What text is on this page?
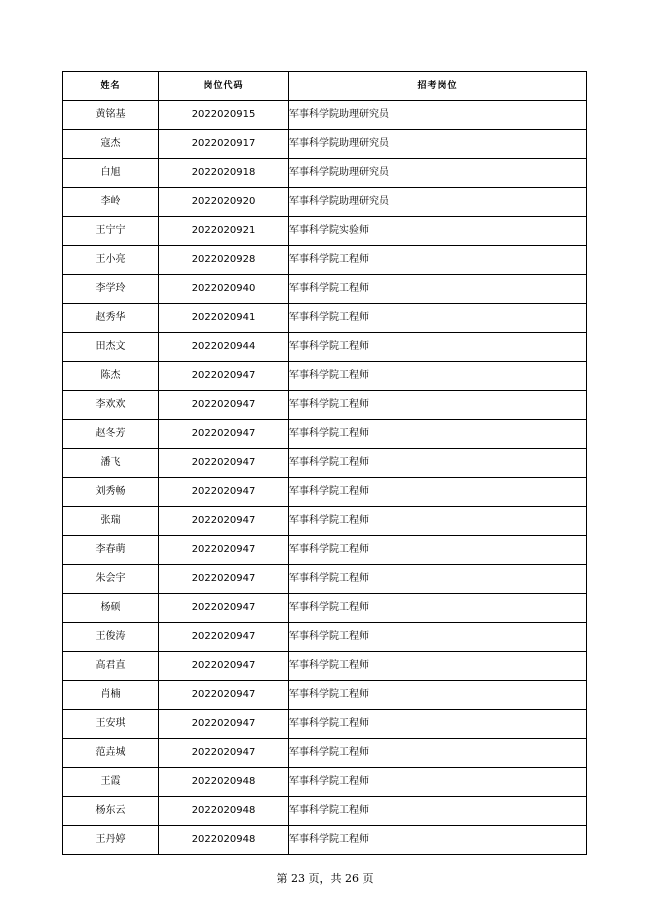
姓名	岗位代码	招考岗位
黄铭基	2022020915	军事科学院助理研究员
寇杰	2022020917	军事科学院助理研究员
白旭	2022020918	军事科学院助理研究员
李岭	2022020920	军事科学院助理研究员
王宁宁	2022020921	军事科学院实验师
王小亮	2022020928	军事科学院工程师
李学玲	2022020940	军事科学院工程师
赵秀华	2022020941	军事科学院工程师
田杰文	2022020944	军事科学院工程师
陈杰	2022020947	军事科学院工程师
李欢欢	2022020947	军事科学院工程师
赵冬芳	2022020947	军事科学院工程师
潘飞	2022020947	军事科学院工程师
刘秀畅	2022020947	军事科学院工程师
张瑞	2022020947	军事科学院工程师
李春萌	2022020947	军事科学院工程师
朱会宇	2022020947	军事科学院工程师
杨硕	2022020947	军事科学院工程师
王俊涛	2022020947	军事科学院工程师
高君直	2022020947	军事科学院工程师
肖楠	2022020947	军事科学院工程师
王安琪	2022020947	军事科学院工程师
范垚城	2022020947	军事科学院工程师
王霞	2022020948	军事科学院工程师
杨东云	2022020948	军事科学院工程师
王丹婷	2022020948	军事科学院工程师
第 23 页，共 26 页
